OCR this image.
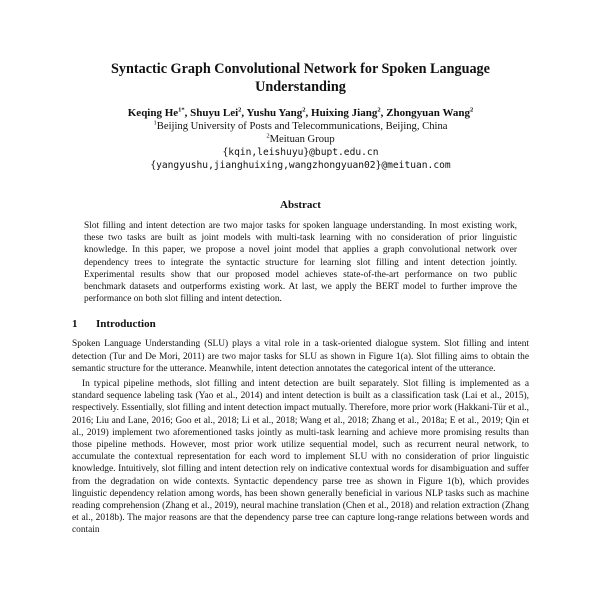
Syntactic Graph Convolutional Network for Spoken Language Understanding
Keqing $He^{1*}$, Shuyu Lei$^2$, Yushu Yang$^2$, Huixing Jiang$^2$, Zhongyuan Wang$^2$
$^1$Beijing University of Posts and Telecommunications, Beijing, China
$^2$Meituan Group
{kqin,leishuyu}@bupt.edu.cn
{yangyushu,jianghuixing,wangzhongyuan02}@meituan.com
Abstract
Slot filling and intent detection are two major tasks for spoken language understanding. In most existing work, these two tasks are built as joint models with multi-task learning with no consideration of prior linguistic knowledge. In this paper, we propose a novel joint model that applies a graph convolutional network over dependency trees to integrate the syntactic structure for learning slot filling and intent detection jointly. Experimental results show that our proposed model achieves state-of-the-art performance on two public benchmark datasets and outperforms existing work. At last, we apply the BERT model to further improve the performance on both slot filling and intent detection.
1 Introduction

Spoken Language Understanding (SLU) plays a vital role in a task-oriented dialogue system. Slot filling and intent detection (Tur and De Mori, 2011) are two major tasks for SLU as shown in Figure 1(a). Slot filling aims to obtain the semantic structure for the utterance. Meanwhile, intent detection annotates the categorical intent of the utterance.

In typical pipeline methods, slot filling and intent detection are built separately. Slot filling is implemented as a standard sequence labeling task (Yao et al., 2014) and intent detection is built as a classification task (Lai et al., 2015), respectively. Essentially, slot filling and intent detection impact mutually. Therefore, more prior work (Hakkani-Tür et al., 2016; Liu and Lane, 2016; Goo et al., 2018; Li et al., 2018; Wang et al., 2018; Zhang et al., 2018a; E et al., 2019; Qin et al., 2019) implement two aforementioned tasks jointly as multi-task learning and achieve more promising results than those pipeline methods. However, most prior work utilize sequential model, such as recurrent neural network, to accumulate the contextual representation for each word to implement SLU with no consideration of prior linguistic knowledge. Intuitively, slot filling and intent detection rely on indicative contextual words for disambiguation and suffer from the degradation on wide contexts. Syntactic dependency parse tree as shown in Figure 1(b), which provides linguistic dependency relation among words, has been shown generally beneficial in various NLP tasks such as machine reading comprehension (Zhang et al., 2019), neural machine translation (Chen et al., 2018) and relation extraction (Zhang et al., 2018b). The major reasons are that the dependency parse tree can capture long-range relations between words and contain
